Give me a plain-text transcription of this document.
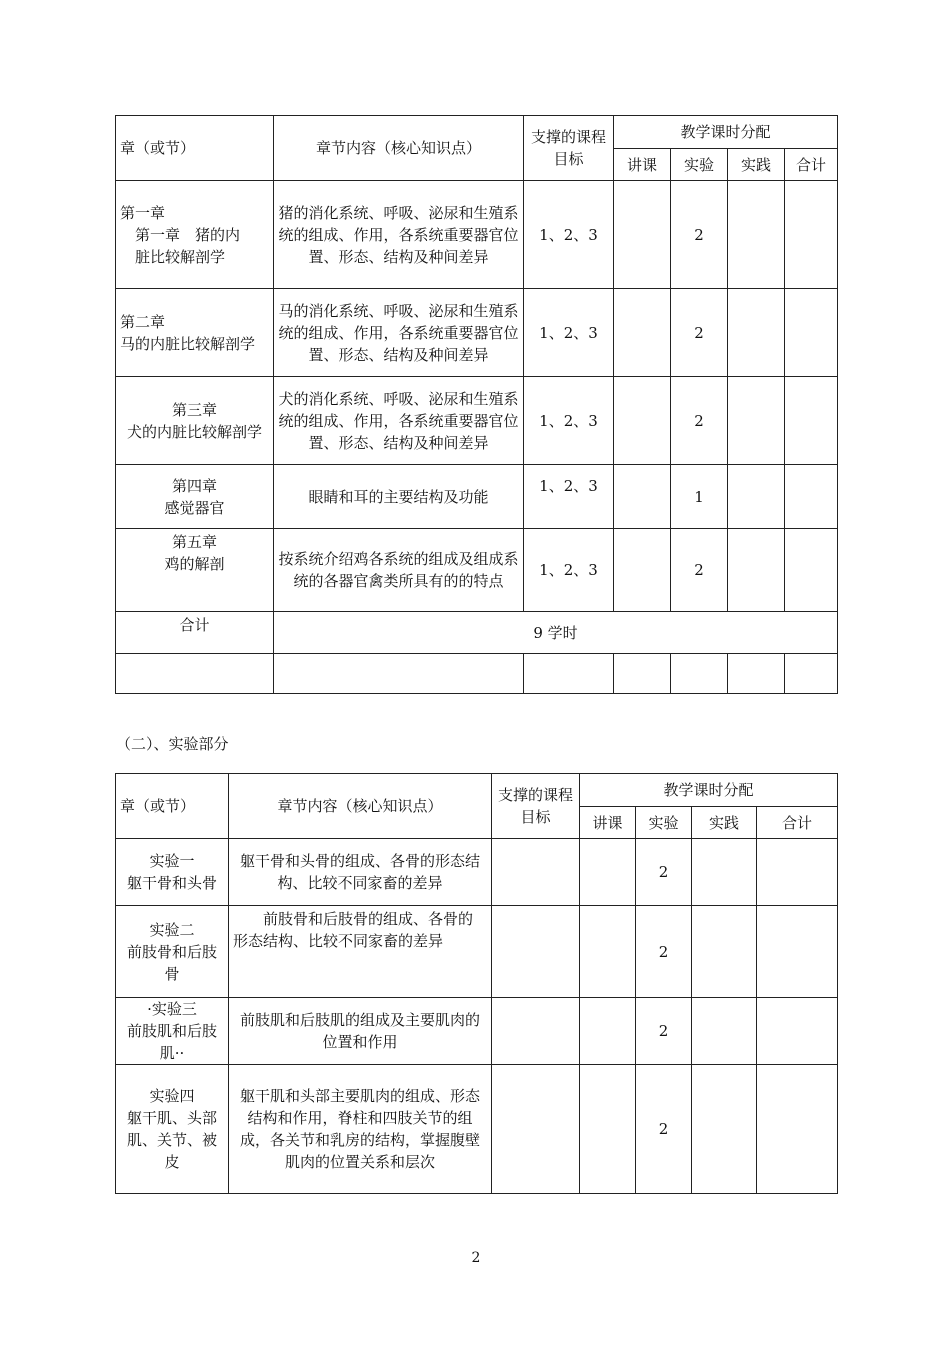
章（或节）	章节内容（核心知识点）	支撑的课程目标	教学课时分配			
			讲课	实验	实践	合计
第一章
　第一章　猪的内
　脏比较解剖学	猪的消化系统、呼吸、泌尿和生殖系统的组成、作用，各系统重要器官位置、形态、结构及种间差异	1、2、3		2		
第二章
马的内脏比较解剖学	马的消化系统、呼吸、泌尿和生殖系统的组成、作用，各系统重要器官位置、形态、结构及种间差异	1、2、3		2		
第三章
犬的内脏比较解剖学	犬的消化系统、呼吸、泌尿和生殖系统的组成、作用，各系统重要器官位置、形态、结构及种间差异	1、2、3		2		
第四章
感觉器官	眼睛和耳的主要结构及功能	1、2、3		1		
第五章
鸡的解剖	按系统介绍鸡各系统的组成及组成系统的各器官禽类所具有的的特点	1、2、3		2		
合计	9 学时					

（二）、实验部分
章（或节）	章节内容（核心知识点）	支撑的课程目标	教学课时分配			
			讲课	实验	实践	合计
实验一
躯干骨和头骨	躯干骨和头骨的组成、各骨的形态结构、比较不同家畜的差异			2		
实验二
前肢骨和后肢骨	　　前肢骨和后肢骨的组成、各骨的形态结构、比较不同家畜的差异			2		
·实验三
前肢肌和后肢肌··	前肢肌和后肢肌的组成及主要肌肉的位置和作用			2		
实验四
躯干肌、头部肌、关节、被皮	躯干肌和头部主要肌肉的组成、形态结构和作用，脊柱和四肢关节的组成，各关节和乳房的结构，掌握腹壁肌肉的位置关系和层次			2		
2
